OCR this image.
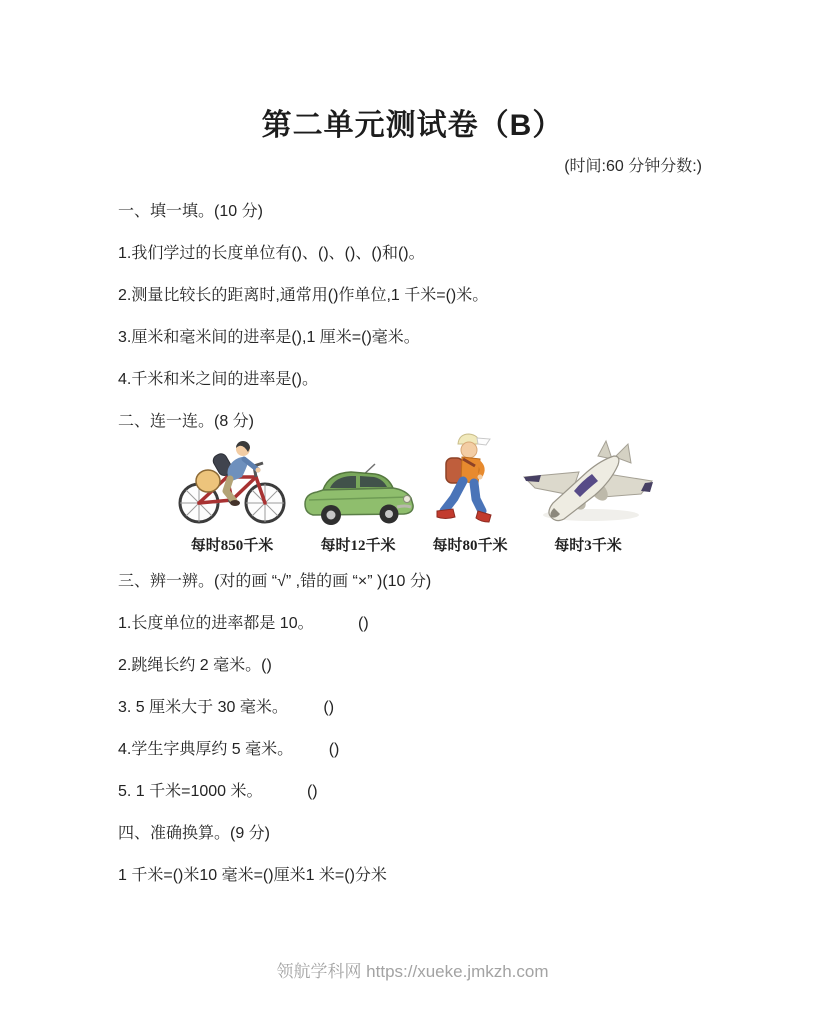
第二单元测试卷（B）
(时间:60 分钟分数:)

一、填一填。(10 分)

1.我们学过的长度单位有()、()、()、()和()。

2.测量比较长的距离时,通常用()作单位,1 千米=()米。

3.厘米和毫米间的进率是(),1 厘米=()毫米。

4.千米和米之间的进率是()。

二、连一连。(8 分)

每时850千米	每时12千米 每时80千米	每时3千米

三、辨一辨。(对的画 “√” ,错的画 “×” )(10 分)

1.长度单位的进率都是 10。          ()

2.跳绳长约 2 毫米。()

3. 5 厘米大于 30 毫米。        ()

4.学生字典厚约 5 毫米。        ()

5. 1 千米=1000 米。          ()

四、准确换算。(9 分)

1 千米=()米10 毫米=()厘米1 米=()分米

领航学科网 https://xueke.jmkzh.com
